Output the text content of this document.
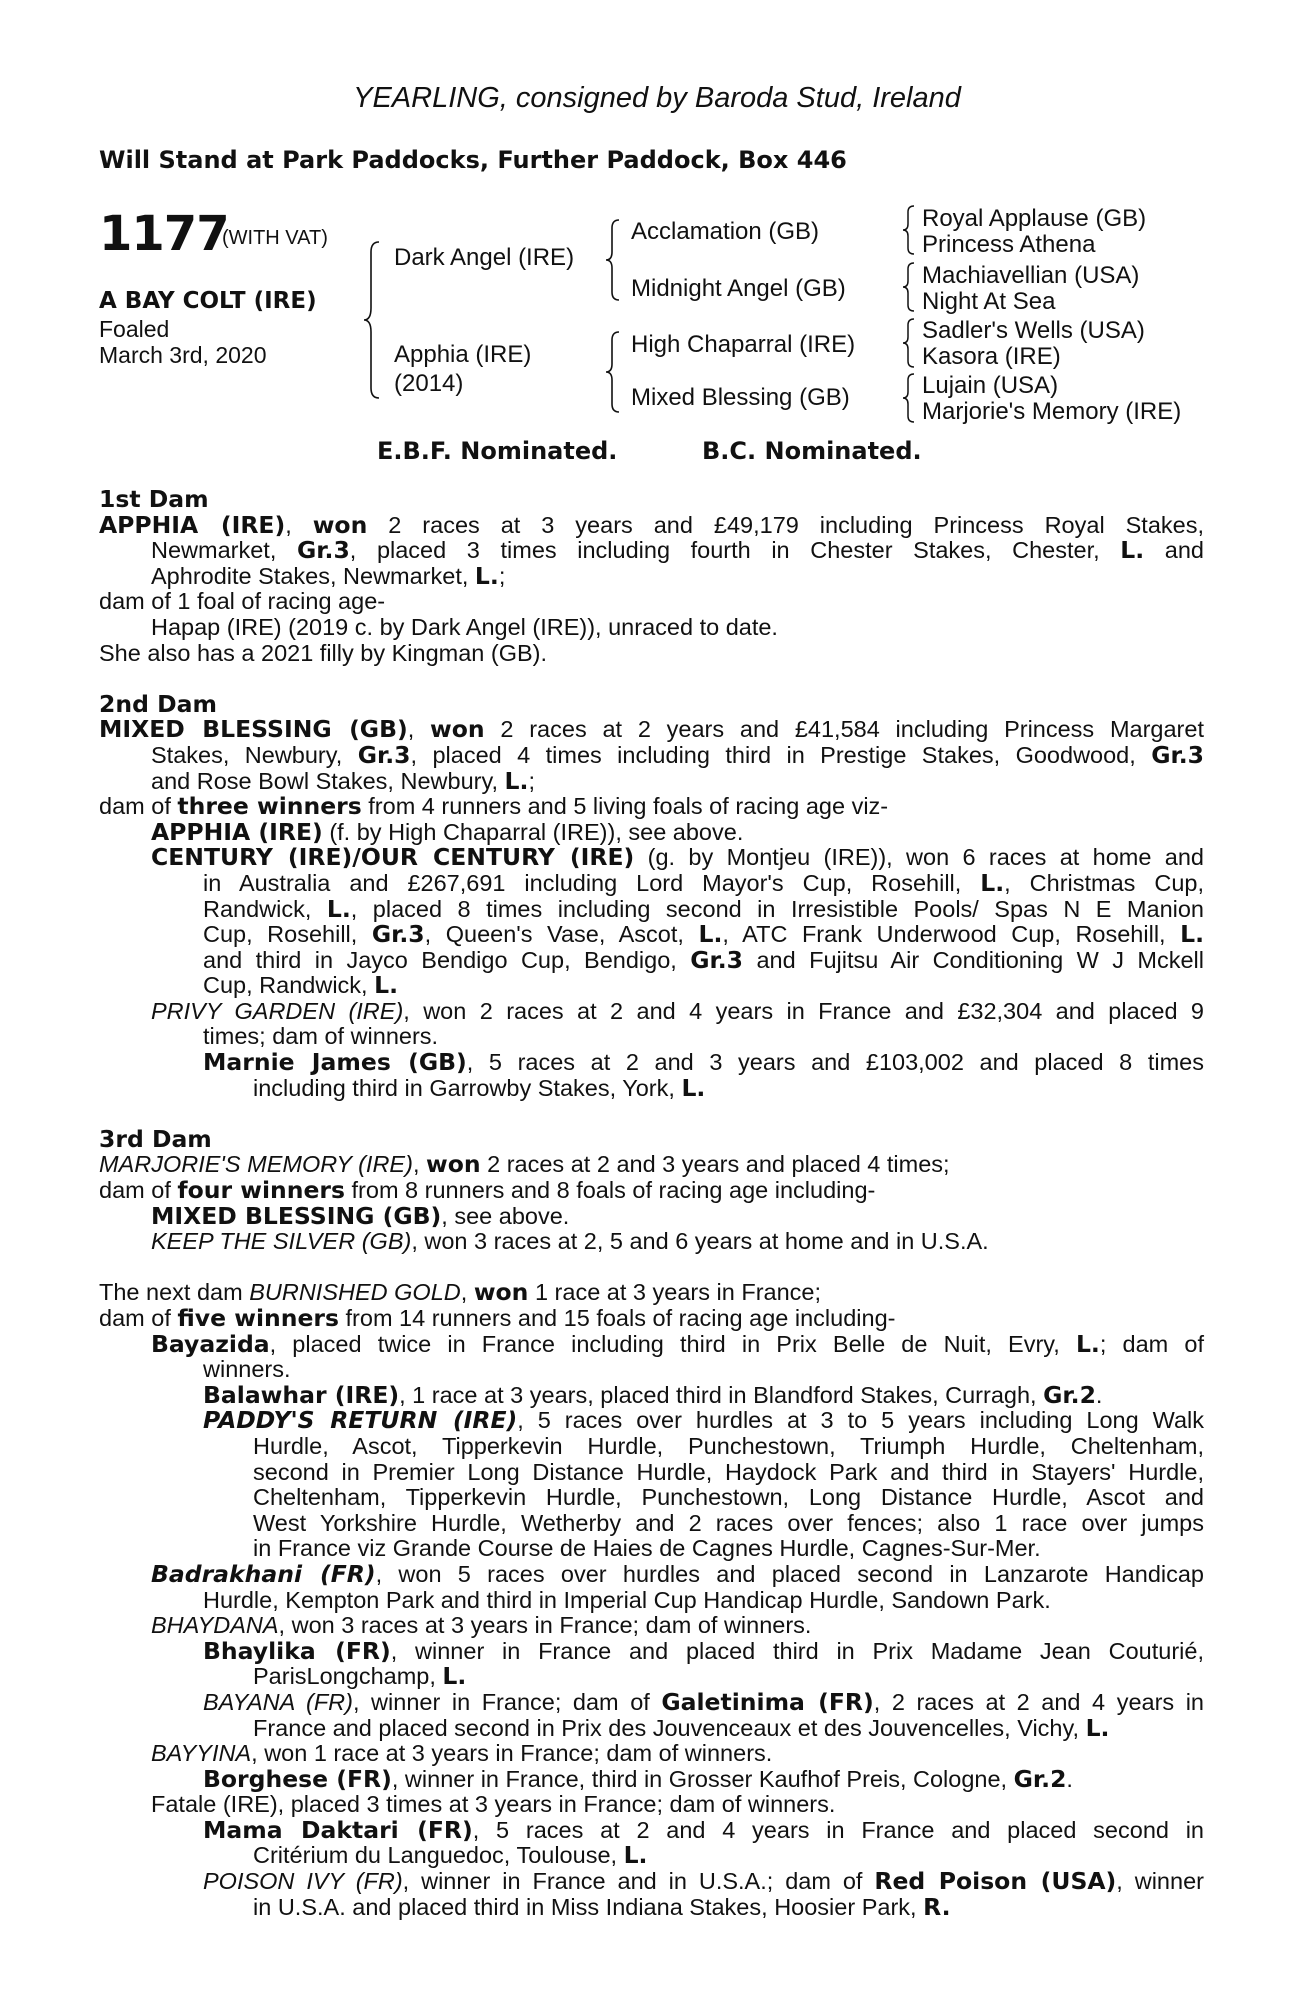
YEARLING, consigned by Baroda Stud, Ireland
Will Stand at Park Paddocks, Further Paddock, Box 446
1177
(WITH VAT)
A BAY COLT (IRE)
Foaled
March 3rd, 2020
Dark Angel (IRE)
Apphia (IRE)
(2014)
Acclamation (GB)
Midnight Angel (GB)
High Chaparral (IRE)
Mixed Blessing (GB)
Royal Applause (GB)
Princess Athena
Machiavellian (USA)
Night At Sea
Sadler's Wells (USA)
Kasora (IRE)
Lujain (USA)
Marjorie's Memory (IRE)
E.B.F. Nominated.	B.C. Nominated.
1st Dam
APPHIA (IRE), won 2 races at 3 years and £49,179 including Princess Royal Stakes,
Newmarket, Gr.3, placed 3 times including fourth in Chester Stakes, Chester, L. and
Aphrodite Stakes, Newmarket, L.;
dam of 1 foal of racing age-
Hapap (IRE) (2019 c. by Dark Angel (IRE)), unraced to date.
She also has a 2021 filly by Kingman (GB).
2nd Dam
MIXED BLESSING (GB), won 2 races at 2 years and £41,584 including Princess Margaret
Stakes, Newbury, Gr.3, placed 4 times including third in Prestige Stakes, Goodwood, Gr.3
and Rose Bowl Stakes, Newbury, L.;
dam of three winners from 4 runners and 5 living foals of racing age viz-
APPHIA (IRE) (f. by High Chaparral (IRE)), see above.
CENTURY (IRE)/OUR CENTURY (IRE) (g. by Montjeu (IRE)), won 6 races at home and
in Australia and £267,691 including Lord Mayor's Cup, Rosehill, L., Christmas Cup,
Randwick, L., placed 8 times including second in Irresistible Pools/ Spas N E Manion
Cup, Rosehill, Gr.3, Queen's Vase, Ascot, L., ATC Frank Underwood Cup, Rosehill, L.
and third in Jayco Bendigo Cup, Bendigo, Gr.3 and Fujitsu Air Conditioning W J Mckell
Cup, Randwick, L.
PRIVY GARDEN (IRE), won 2 races at 2 and 4 years in France and £32,304 and placed 9
times; dam of winners.
Marnie James (GB), 5 races at 2 and 3 years and £103,002 and placed 8 times
including third in Garrowby Stakes, York, L.
3rd Dam
MARJORIE'S MEMORY (IRE), won 2 races at 2 and 3 years and placed 4 times;
dam of four winners from 8 runners and 8 foals of racing age including-
MIXED BLESSING (GB), see above.
KEEP THE SILVER (GB), won 3 races at 2, 5 and 6 years at home and in U.S.A.
The next dam BURNISHED GOLD, won 1 race at 3 years in France;
dam of five winners from 14 runners and 15 foals of racing age including-
Bayazida, placed twice in France including third in Prix Belle de Nuit, Evry, L.; dam of
winners.
Balawhar (IRE), 1 race at 3 years, placed third in Blandford Stakes, Curragh, Gr.2.
PADDY'S RETURN (IRE), 5 races over hurdles at 3 to 5 years including Long Walk
Hurdle, Ascot, Tipperkevin Hurdle, Punchestown, Triumph Hurdle, Cheltenham,
second in Premier Long Distance Hurdle, Haydock Park and third in Stayers' Hurdle,
Cheltenham, Tipperkevin Hurdle, Punchestown, Long Distance Hurdle, Ascot and
West Yorkshire Hurdle, Wetherby and 2 races over fences; also 1 race over jumps
in France viz Grande Course de Haies de Cagnes Hurdle, Cagnes-Sur-Mer.
Badrakhani (FR), won 5 races over hurdles and placed second in Lanzarote Handicap
Hurdle, Kempton Park and third in Imperial Cup Handicap Hurdle, Sandown Park.
BHAYDANA, won 3 races at 3 years in France; dam of winners.
Bhaylika (FR), winner in France and placed third in Prix Madame Jean Couturié,
ParisLongchamp, L.
BAYANA (FR), winner in France; dam of Galetinima (FR), 2 races at 2 and 4 years in
France and placed second in Prix des Jouvenceaux et des Jouvencelles, Vichy, L.
BAYYINA, won 1 race at 3 years in France; dam of winners.
Borghese (FR), winner in France, third in Grosser Kaufhof Preis, Cologne, Gr.2.
Fatale (IRE), placed 3 times at 3 years in France; dam of winners.
Mama Daktari (FR), 5 races at 2 and 4 years in France and placed second in
Critérium du Languedoc, Toulouse, L.
POISON IVY (FR), winner in France and in U.S.A.; dam of Red Poison (USA), winner
in U.S.A. and placed third in Miss Indiana Stakes, Hoosier Park, R.
